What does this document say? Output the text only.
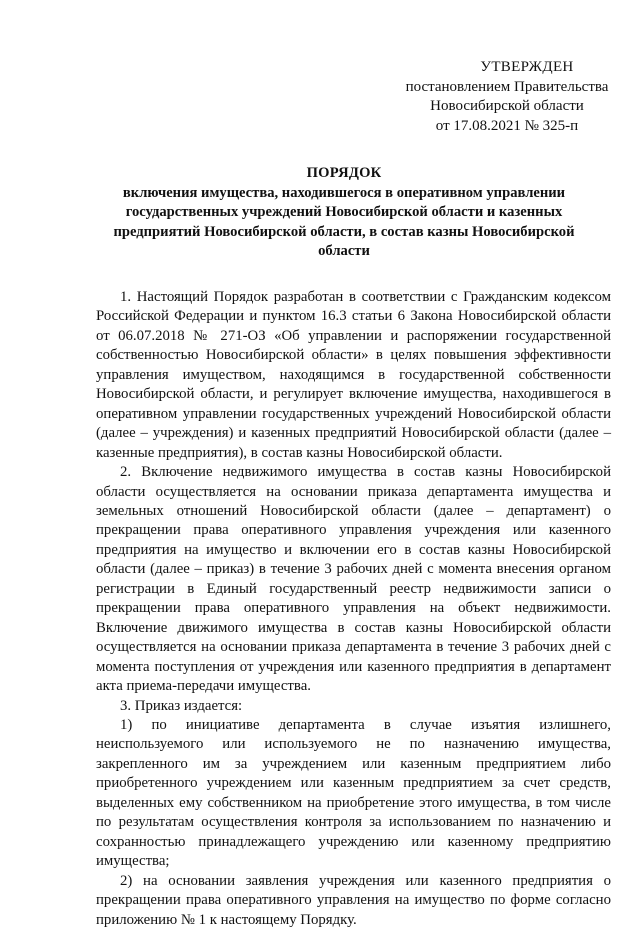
УТВЕРЖДЕН
постановлением Правительства
Новосибирской области
от 17.08.2021 № 325-п
ПОРЯДОК
включения имущества, находившегося в оперативном управлении государственных учреждений Новосибирской области и казенных предприятий Новосибирской области, в состав казны Новосибирской области

1. Настоящий Порядок разработан в соответствии с Гражданским кодексом Российской Федерации и пунктом 16.3 статьи 6 Закона Новосибирской области от 06.07.2018 № 271-ОЗ «Об управлении и распоряжении государственной собственностью Новосибирской области» в целях повышения эффективности управления имуществом, находящимся в государственной собственности Новосибирской области, и регулирует включение имущества, находившегося в оперативном управлении государственных учреждений Новосибирской области (далее – учреждения) и казенных предприятий Новосибирской области (далее – казенные предприятия), в состав казны Новосибирской области.

2. Включение недвижимого имущества в состав казны Новосибирской области осуществляется на основании приказа департамента имущества и земельных отношений Новосибирской области (далее – департамент) о прекращении права оперативного управления учреждения или казенного предприятия на имущество и включении его в состав казны Новосибирской области (далее – приказ) в течение 3 рабочих дней с момента внесения органом регистрации в Единый государственный реестр недвижимости записи о прекращении права оперативного управления на объект недвижимости. Включение движимого имущества в состав казны Новосибирской области осуществляется на основании приказа департамента в течение 3 рабочих дней с момента поступления от учреждения или казенного предприятия в департамент акта приема-передачи имущества.

3. Приказ издается:

1) по инициативе департамента в случае изъятия излишнего, неиспользуемого или используемого не по назначению имущества, закрепленного им за учреждением или казенным предприятием либо приобретенного учреждением или казенным предприятием за счет средств, выделенных ему собственником на приобретение этого имущества, в том числе по результатам осуществления контроля за использованием по назначению и сохранностью принадлежащего учреждению или казенному предприятию имущества;

2) на основании заявления учреждения или казенного предприятия о прекращении права оперативного управления на имущество по форме согласно приложению № 1 к настоящему Порядку.
